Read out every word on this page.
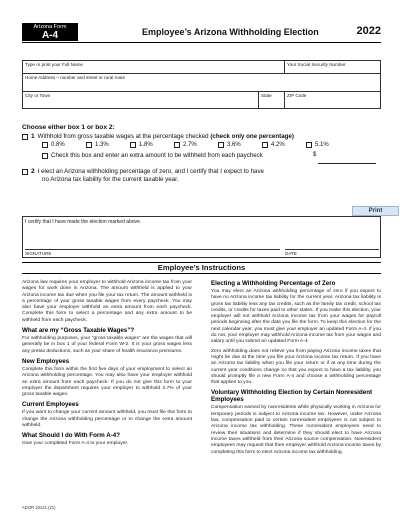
Arizona Form
A-4	Employee’s Arizona Withholding Election	2022
Type or print your Full Name	Your Social Security Number
Home Address – number and street or rural route
City or Town	State	ZIP Code
Choose either box 1 or box 2:
1 Withhold from gross taxable wages at the percentage checked
(check only one percentage)
0.8%	1.3%	1.8%	2.7%	3.6%	4.2%	5.1%
Check this box and enter an extra amount to be withheld from each paycheck	$
2 I elect an Arizona withholding percentage of zero, and I certify that I expect to have
no Arizona tax liability for the current taxable year.
Print
I certify that I have made the election marked above.
SIGNATURE	DATE
Employee’s Instructions

Arizona law requires your employer to withhold Arizona income tax from your wages for work done in Arizona. The amount withheld is applied to your Arizona income tax due when you file your tax return. The amount withheld is a percentage of your gross taxable wages from every paycheck. You may also have your employer withhold an extra amount from each paycheck. Complete this form to select a percentage and any extra amount to be withheld from each paycheck.

What are my “Gross Taxable Wages”?

For withholding purposes, your “gross taxable wages” are the wages that will generally be in box 1 of your federal Form W-2. It is your gross wages less any pretax deductions, such as your share of health insurance premiums.

New Employees

Complete this form within the first five days of your employment to select an Arizona withholding percentage. You may also have your employer withhold an extra amount from each paycheck. If you do not give this form to your employer the department requires your employer to withhold 2.7% of your gross taxable wages.

Current Employees

If you want to change your current amount withheld, you must file this form to change the Arizona withholding percentage or to change the extra amount withheld.

What Should I do With Form A-4?

Give your completed Form A-4 to your employer.

Electing a Withholding Percentage of Zero

You may elect an Arizona withholding percentage of zero if you expect to have no Arizona income tax liability for the current year. Arizona tax liability is gross tax liability less any tax credits, such as the family tax credit, school tax credits, or credits for taxes paid to other states. If you make this election, your employer will not withhold Arizona income tax from your wages for payroll periods beginning after the date you file the form. To keep this election for the next calendar year, you must give your employer an updated Form A-4. If you do not, your employer may withhold Arizona income tax from your wages and salary until you submit an updated Form A-4.

Zero withholding does not relieve you from paying Arizona income taxes that might be due at the time you file your Arizona income tax return. If you have an Arizona tax liability when you file your return or if at any time during the current year conditions change so that you expect to have a tax liability, you should promptly file a new Form A-4 and choose a withholding percentage that applies to you.

Voluntary Withholding Election by Certain Nonresident Employees

Compensation earned by nonresidents while physically working in Arizona for temporary periods is subject to Arizona income tax. However, under Arizona law, compensation paid to certain nonresident employees is not subject to Arizona income tax withholding. These nonresident employees need to review their situations and determine if they should elect to have Arizona income taxes withheld from their Arizona source compensation. Nonresident employees may request that their employer withhold Arizona income taxes by completing this form to elect Arizona income tax withholding.

ADOR 10121 (21)
